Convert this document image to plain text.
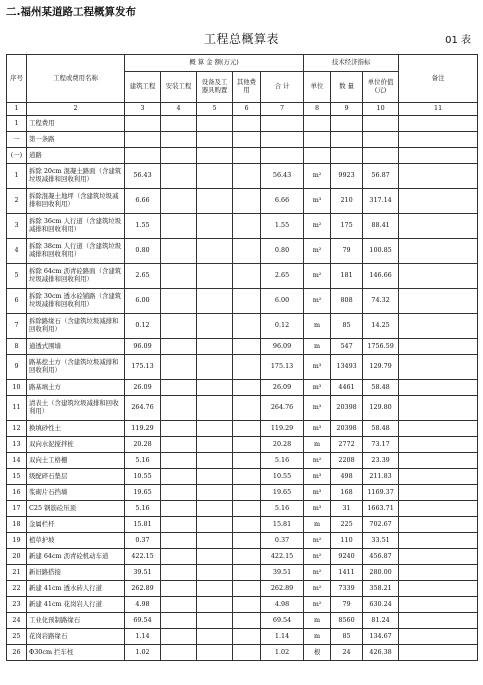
二.福州某道路工程概算发布
工程总概算表	01 表
序号	工程或费用名称	概 算 金 额(万元)					技术经济指标			备注
		建筑工程	安装工程	设备及工器具购置	其他费用	合 计	单位	数 量	单位价值(元)	
1	2	3	4	5	6	7	8	9	10	11
1	工程费用									
一	第一条路									
(一)	道路									
1	拆除 20cm 混凝土路面（含建筑垃圾减排和回收利用）	56.43				56.43	m²	9923	56.87	
2	拆除混凝土地坪（含建筑垃圾减排和回收利用）	6.66				6.66	m³	210	317.14	
3	拆除 36cm 人行道（含建筑垃圾减排和回收利用）	1.55				1.55	m²	175	88.41	
4	拆除 38cm 人行道（含建筑垃圾减排和回收利用）	0.80				0.80	m²	79	100.85	
5	拆除 64cm 沥青砼路面（含建筑垃圾减排和回收利用）	2.65				2.65	m²	181	146.66	
6	拆除 30cm 透水砼铺路（含建筑垃圾减排和回收利用）	6.00				6.00	m²	808	74.32	
7	拆除路缘石（含建筑垃圾减排和回收利用）	0.12				0.12	m	85	14.25	
8	通透式围墙	96.09				96.09	m	547	1756.59	
9	路基挖土方（含建筑垃圾减排和回收利用）	175.13				175.13	m³	13493	129.79	
10	路基填土方	26.09				26.09	m³	4461	58.48	
11	清表土（含建筑垃圾减排和回收利用）	264.76				264.76	m³	20398	129.80	
12	换填砂性土	119.29				119.29	m³	20398	58.48	
13	双向水泥搅拌桩	20.28				20.28	m	2772	73.17	
14	双向土工格栅	5.16				5.16	m²	2208	23.39	
15	级配碎石垫层	10.55				10.55	m³	498	211.83	
16	浆砌片石挡墙	19.65				19.65	m³	168	1169.37	
17	C25 钢筋砼压顶	5.16				5.16	m³	31	1663.71	
18	金属栏杆	15.81				15.81	m	225	702.67	
19	植草护坡	0.37				0.37	m²	110	33.51	
20	新建 64cm 沥青砼机动车道	422.15				422.15	m²	9240	456.87	
21	新旧路搭接	39.51				39.51	m²	1411	280.00	
22	新建 41cm 透水砖人行道	262.89				262.89	m²	7339	358.21	
23	新建 41cm 花岗岩人行道	4.98				4.98	m²	79	630.24	
24	工业化预制路缘石	69.54				69.54	m	8560	81.24	
25	花岗岩路缘石	1.14				1.14	m	85	134.67	
26	Φ30cm 拦车柱	1.02				1.02	根	24	426.38	
